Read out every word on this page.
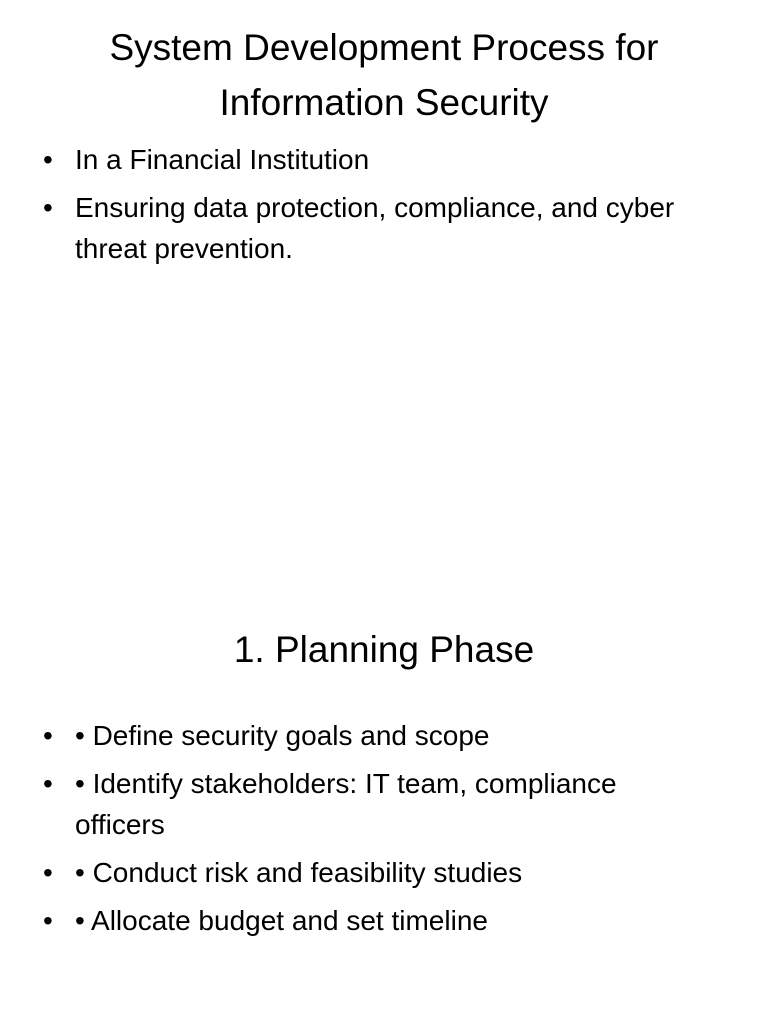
System Development Process for Information Security
• In a Financial Institution
• Ensuring data protection, compliance, and cyber threat prevention.
1. Planning Phase
• • Define security goals and scope
• • Identify stakeholders: IT team, compliance officers
• • Conduct risk and feasibility studies
• • Allocate budget and set timeline
